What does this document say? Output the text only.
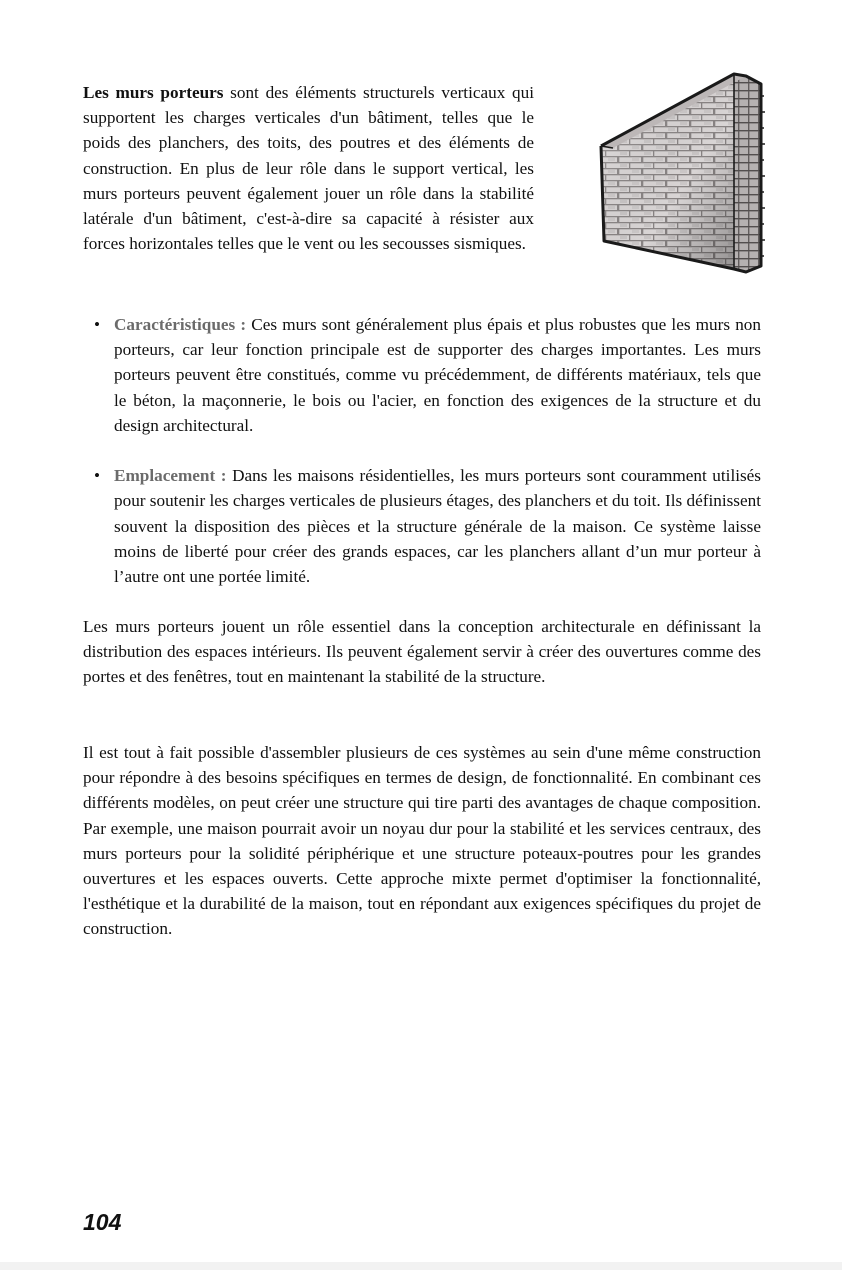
Les murs porteurs sont des éléments structurels verticaux qui supportent les charges verticales d'un bâtiment, telles que le poids des planchers, des toits, des poutres et des éléments de construction. En plus de leur rôle dans le support vertical, les murs porteurs peuvent également jouer un rôle dans la stabilité latérale d'un bâtiment, c'est-à-dire sa capacité à résister aux forces horizontales telles que le vent ou les secousses sismiques.

• Caractéristiques : Ces murs sont généralement plus épais et plus robustes que les murs non porteurs, car leur fonction principale est de supporter des charges importantes. Les murs porteurs peuvent être constitués, comme vu précédemment, de différents matériaux, tels que le béton, la maçonnerie, le bois ou l'acier, en fonction des exigences de la structure et du design architectural.
• Emplacement : Dans les maisons résidentielles, les murs porteurs sont couramment utilisés pour soutenir les charges verticales de plusieurs étages, des planchers et du toit. Ils définissent souvent la disposition des pièces et la structure générale de la maison. Ce système laisse moins de liberté pour créer des grands espaces, car les planchers allant d’un mur porteur à l’autre ont une portée limité.

Les murs porteurs jouent un rôle essentiel dans la conception architecturale en définissant la distribution des espaces intérieurs. Ils peuvent également servir à créer des ouvertures comme des portes et des fenêtres, tout en maintenant la stabilité de la structure.

Il est tout à fait possible d'assembler plusieurs de ces systèmes au sein d'une même construction pour répondre à des besoins spécifiques en termes de design, de fonctionnalité. En combinant ces différents modèles, on peut créer une structure qui tire parti des avantages de chaque composition. Par exemple, une maison pourrait avoir un noyau dur pour la stabilité et les services centraux, des murs porteurs pour la solidité périphérique et une structure poteaux-poutres pour les grandes ouvertures et les espaces ouverts. Cette approche mixte permet d'optimiser la fonctionnalité, l'esthétique et la durabilité de la maison, tout en répondant aux exigences spécifiques du projet de construction.

104
